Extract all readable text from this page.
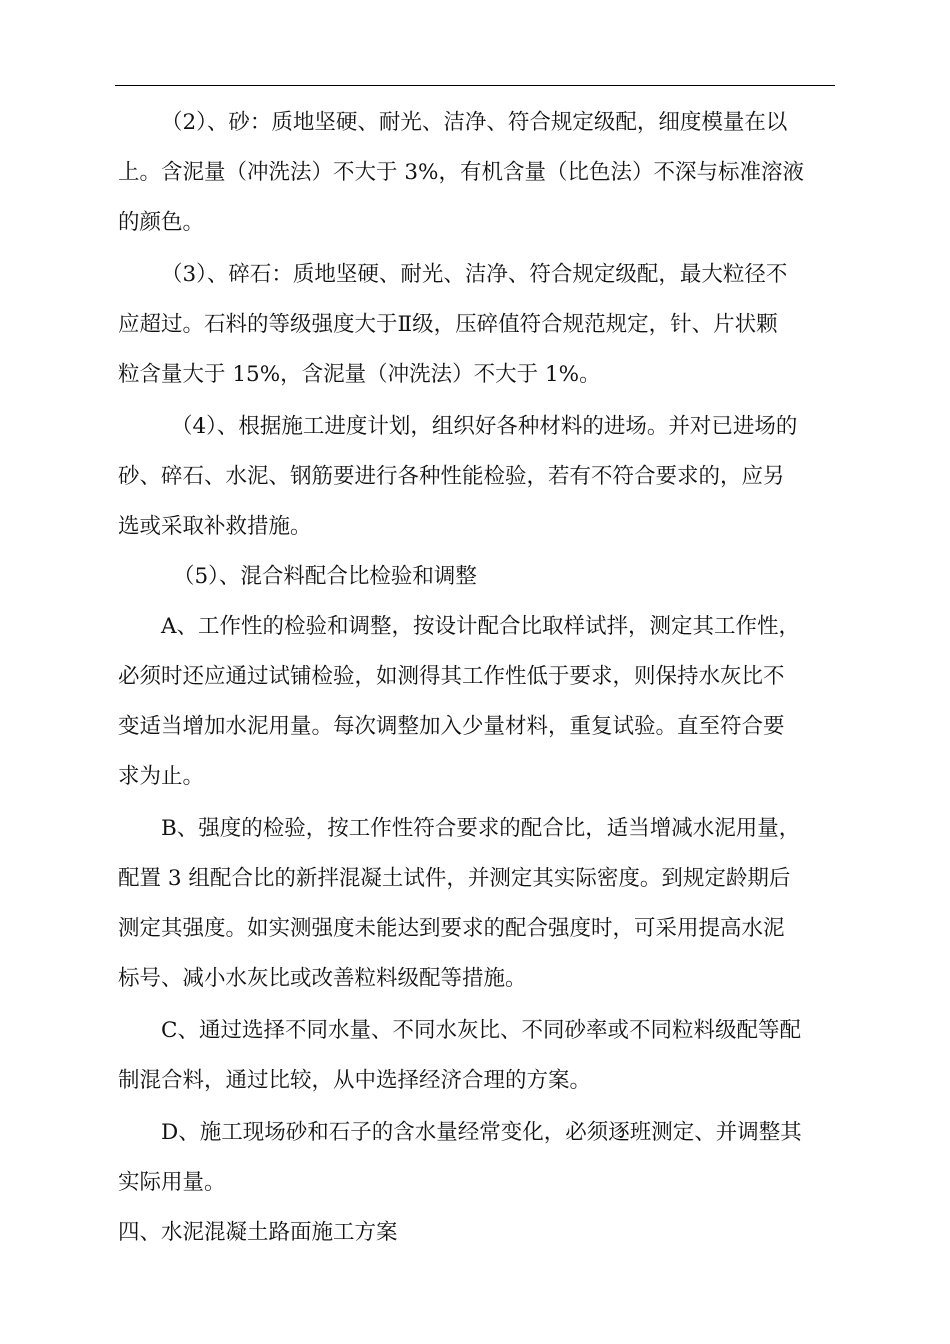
（2）、砂：质地坚硬、耐光、洁净、符合规定级配，细度模量在以
上。含泥量（冲洗法）不大于 3%，有机含量（比色法）不深与标准溶液
的颜色。
（3）、碎石：质地坚硬、耐光、洁净、符合规定级配，最大粒径不
应超过。石料的等级强度大于Ⅱ级，压碎值符合规范规定，针、片状颗
粒含量大于 15%，含泥量（冲洗法）不大于 1%。
（4）、根据施工进度计划，组织好各种材料的进场。并对已进场的
砂、碎石、水泥、钢筋要进行各种性能检验，若有不符合要求的，应另
选或采取补救措施。
（5）、混合料配合比检验和调整
A、工作性的检验和调整，按设计配合比取样试拌，测定其工作性，
必须时还应通过试铺检验，如测得其工作性低于要求，则保持水灰比不
变适当增加水泥用量。每次调整加入少量材料，重复试验。直至符合要
求为止。
B、强度的检验，按工作性符合要求的配合比，适当增减水泥用量，
配置 3 组配合比的新拌混凝土试件，并测定其实际密度。到规定龄期后
测定其强度。如实测强度未能达到要求的配合强度时，可采用提高水泥
标号、减小水灰比或改善粒料级配等措施。
C、通过选择不同水量、不同水灰比、不同砂率或不同粒料级配等配
制混合料，通过比较，从中选择经济合理的方案。
D、施工现场砂和石子的含水量经常变化，必须逐班测定、并调整其
实际用量。
四、水泥混凝土路面施工方案
